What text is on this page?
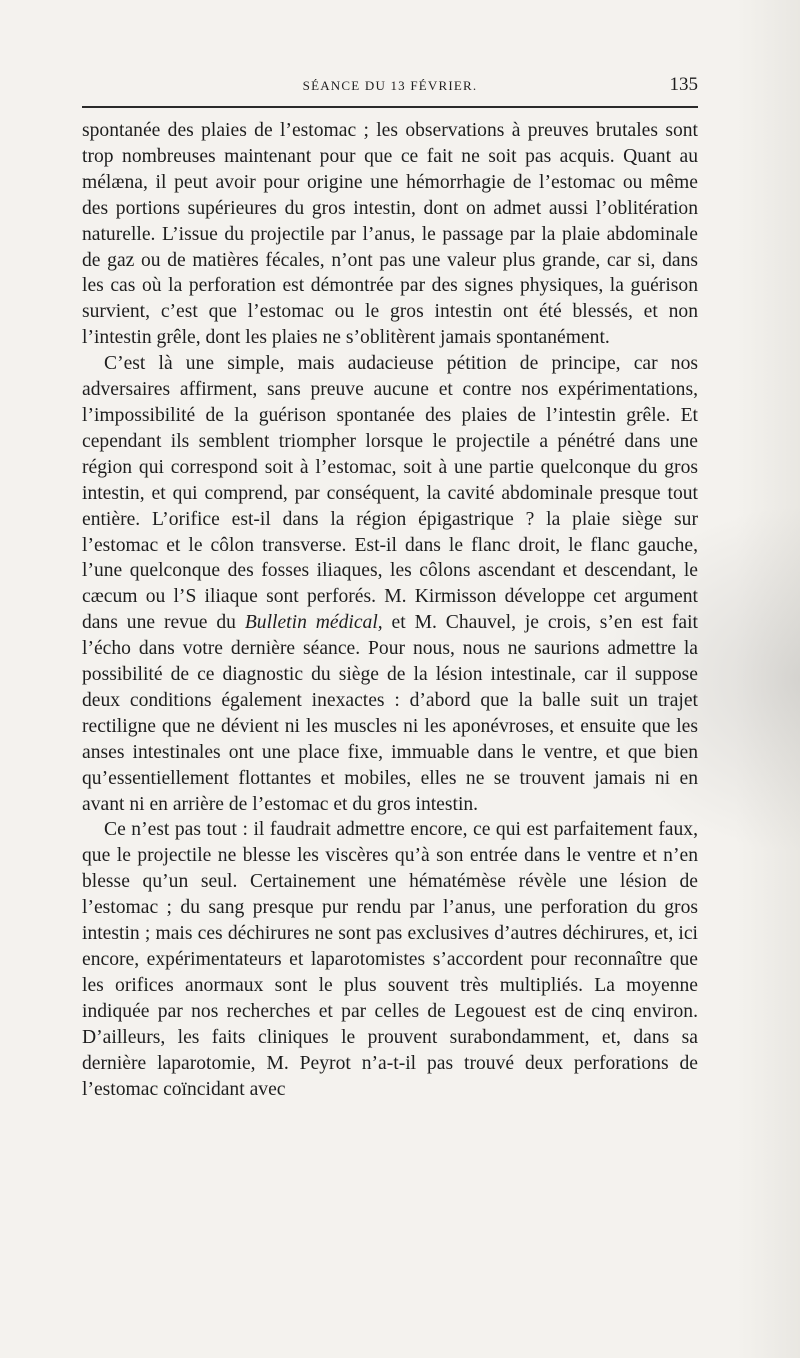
SÉANCE DU 13 FÉVRIER.	135

spontanée des plaies de l’estomac ; les observations à preuves brutales sont trop nombreuses maintenant pour que ce fait ne soit pas acquis. Quant au mélæna, il peut avoir pour origine une hémorrhagie de l’estomac ou même des portions supérieures du gros intestin, dont on admet aussi l’oblitération naturelle. L’issue du projectile par l’anus, le passage par la plaie abdominale de gaz ou de matières fécales, n’ont pas une valeur plus grande, car si, dans les cas où la perforation est démontrée par des signes physiques, la guérison survient, c’est que l’estomac ou le gros intestin ont été blessés, et non l’intestin grêle, dont les plaies ne s’oblitèrent jamais spontanément.

C’est là une simple, mais audacieuse pétition de principe, car nos adversaires affirment, sans preuve aucune et contre nos expérimentations, l’impossibilité de la guérison spontanée des plaies de l’intestin grêle. Et cependant ils semblent triompher lorsque le projectile a pénétré dans une région qui correspond soit à l’estomac, soit à une partie quelconque du gros intestin, et qui comprend, par conséquent, la cavité abdominale presque tout entière. L’orifice est-il dans la région épigastrique ? la plaie siège sur l’estomac et le côlon transverse. Est-il dans le flanc droit, le flanc gauche, l’une quelconque des fosses iliaques, les côlons ascendant et descendant, le cæcum ou l’S iliaque sont perforés. M. Kirmisson développe cet argument dans une revue du Bulletin médical, et M. Chauvel, je crois, s’en est fait l’écho dans votre dernière séance. Pour nous, nous ne saurions admettre la possibilité de ce diagnostic du siège de la lésion intestinale, car il suppose deux conditions également inexactes : d’abord que la balle suit un trajet rectiligne que ne dévient ni les muscles ni les aponévroses, et ensuite que les anses intestinales ont une place fixe, immuable dans le ventre, et que bien qu’essentiellement flottantes et mobiles, elles ne se trouvent jamais ni en avant ni en arrière de l’estomac et du gros intestin.

Ce n’est pas tout : il faudrait admettre encore, ce qui est parfaitement faux, que le projectile ne blesse les viscères qu’à son entrée dans le ventre et n’en blesse qu’un seul. Certainement une hématémèse révèle une lésion de l’estomac ; du sang presque pur rendu par l’anus, une perforation du gros intestin ; mais ces déchirures ne sont pas exclusives d’autres déchirures, et, ici encore, expérimentateurs et laparotomistes s’accordent pour reconnaître que les orifices anormaux sont le plus souvent très multipliés. La moyenne indiquée par nos recherches et par celles de Legouest est de cinq environ. D’ailleurs, les faits cliniques le prouvent surabondamment, et, dans sa dernière laparotomie, M. Peyrot n’a-t-il pas trouvé deux perforations de l’estomac coïncidant avec
